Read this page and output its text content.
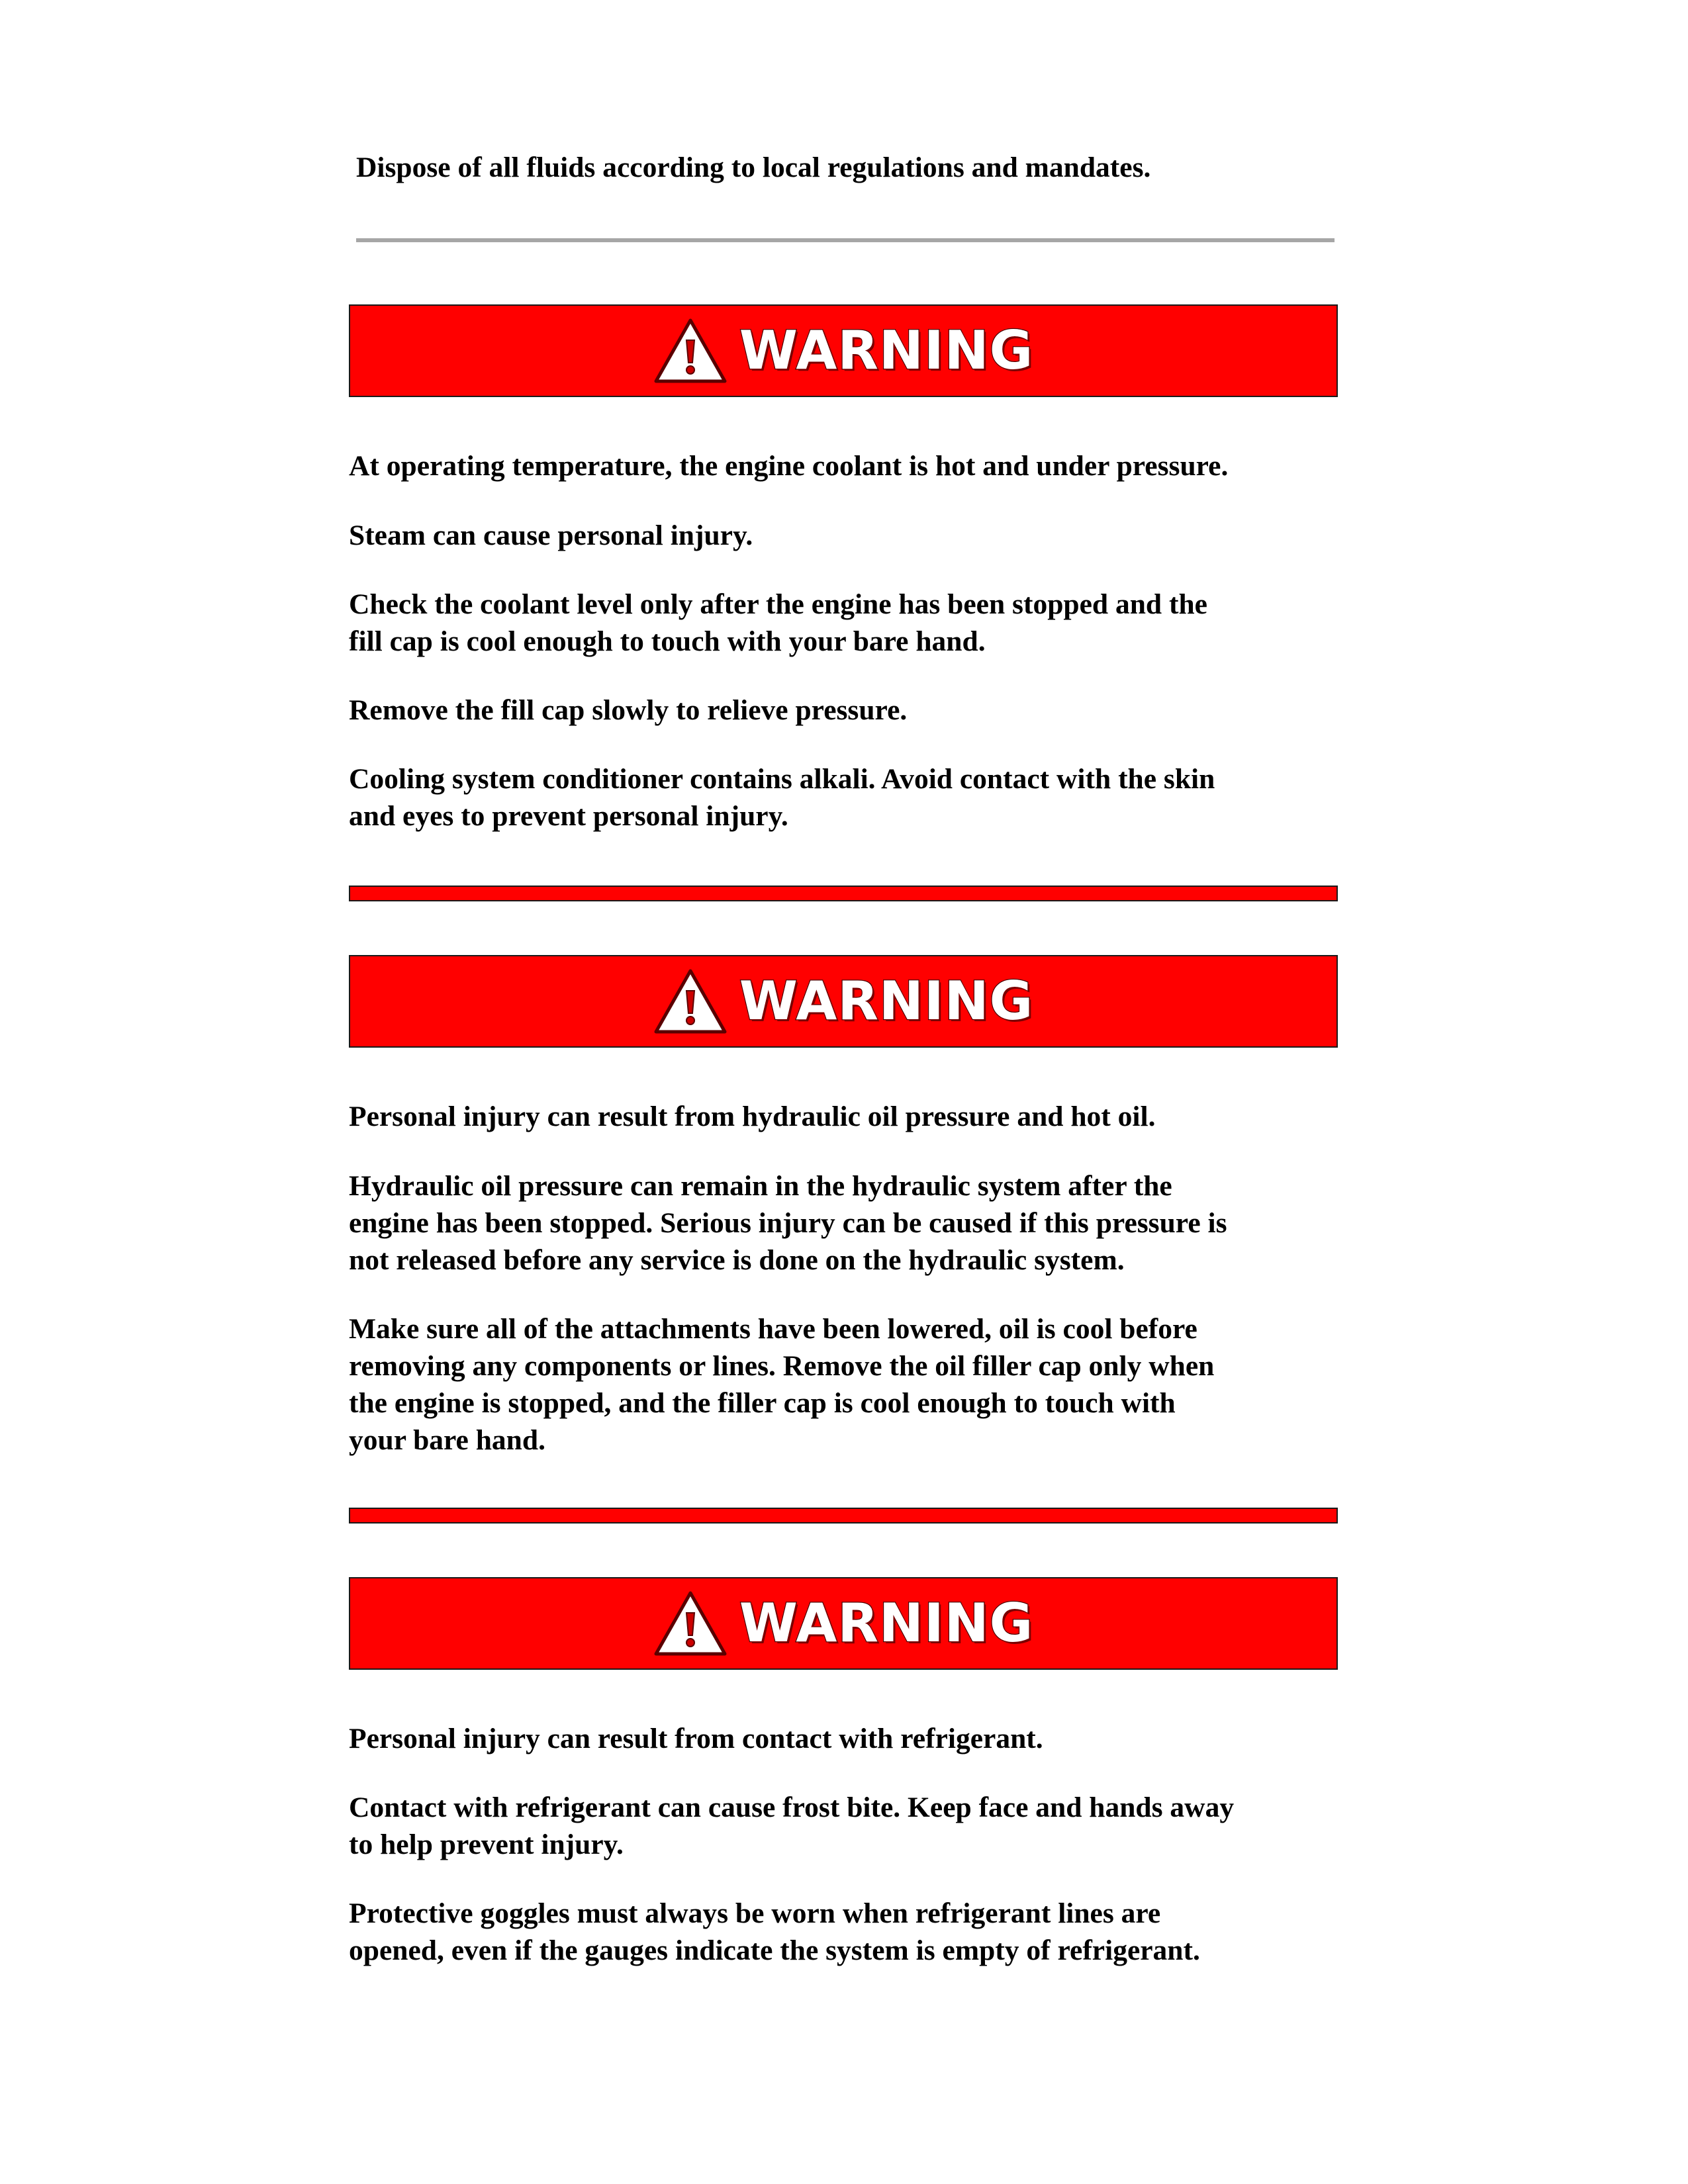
Dispose of all fluids according to local regulations and mandates.

WARNING

At operating temperature, the engine coolant is hot and under pressure.

Steam can cause personal injury.

Check the coolant level only after the engine has been stopped and the
fill cap is cool enough to touch with your bare hand.

Remove the fill cap slowly to relieve pressure.

Cooling system conditioner contains alkali. Avoid contact with the skin
and eyes to prevent personal injury.

WARNING

Personal injury can result from hydraulic oil pressure and hot oil.

Hydraulic oil pressure can remain in the hydraulic system after the
engine has been stopped. Serious injury can be caused if this pressure is
not released before any service is done on the hydraulic system.

Make sure all of the attachments have been lowered, oil is cool before
removing any components or lines. Remove the oil filler cap only when
the engine is stopped, and the filler cap is cool enough to touch with
your bare hand.

WARNING

Personal injury can result from contact with refrigerant.

Contact with refrigerant can cause frost bite. Keep face and hands away
to help prevent injury.

Protective goggles must always be worn when refrigerant lines are
opened, even if the gauges indicate the system is empty of refrigerant.
